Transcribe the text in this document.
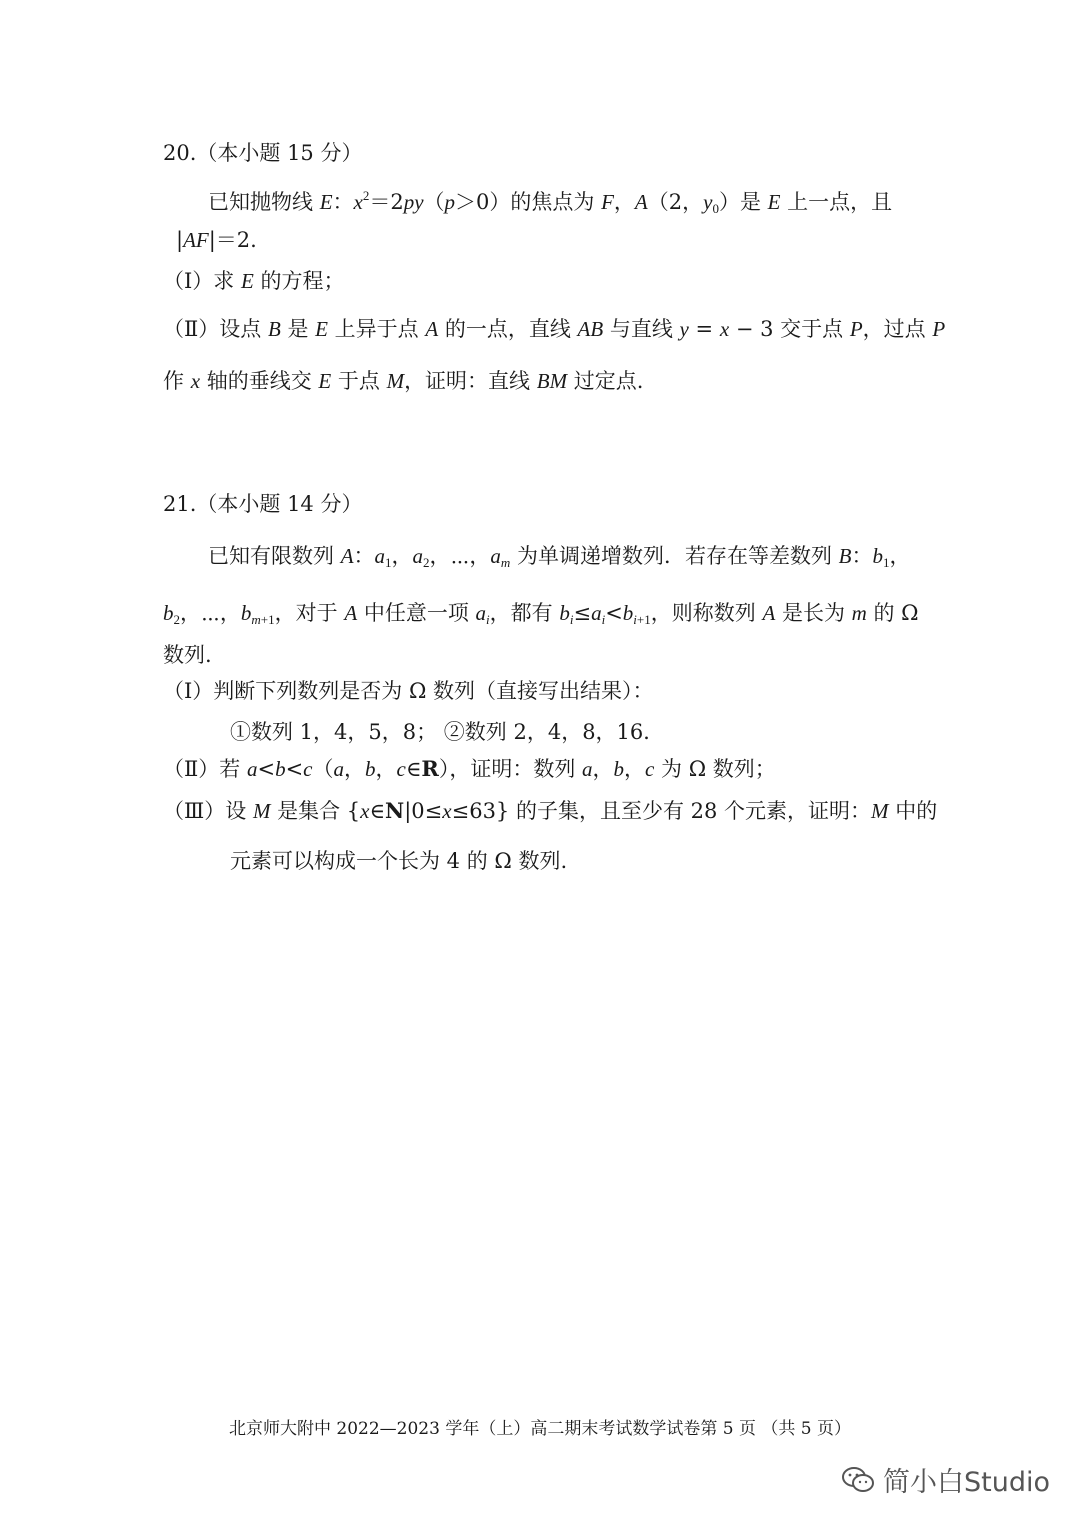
20.（本小题 15 分）
已知抛物线 E：$x^2=2py(p>0)$的焦点为 F，A（2，$y_0$）是 E 上一点，且
|AF|＝2.
（Ⅰ）求 E 的方程；
（Ⅱ）设点 B 是 E 上异于点 A 的一点，直线 AB 与直线 y = x − 3 交于点 P，过点 P
作 x 轴的垂线交 E 于点 M，证明：直线 BM 过定点.
21.（本小题 14 分）
已知有限数列 A：$a_1$，$a_2$，⋯，$a_m$ 为单调递增数列．若存在等差数列 B：$b_1$，
$b_2$，⋯，$b_{m+1}$，对于 A 中任意一项 $a_i$，都有 $b_i\le a_i<b_{i+1}$，则称数列 A 是长为 m 的 Ω
数列.
（Ⅰ）判断下列数列是否为 Ω 数列（直接写出结果）：
①数列 1，4，5，8； ②数列 2，4，8，16．
（Ⅱ）若 a<b<c（a，b，c∈R），证明：数列 a，b，c 为 Ω 数列；
（Ⅲ）设 M 是集合 {x∈N|0≤x≤63} 的子集，且至少有 28 个元素，证明：M 中的
元素可以构成一个长为 4 的 Ω 数列.
北京师大附中 2022—2023 学年（上）高二期末考试数学试卷第 5 页 （共 5 页）
简小白Studio
